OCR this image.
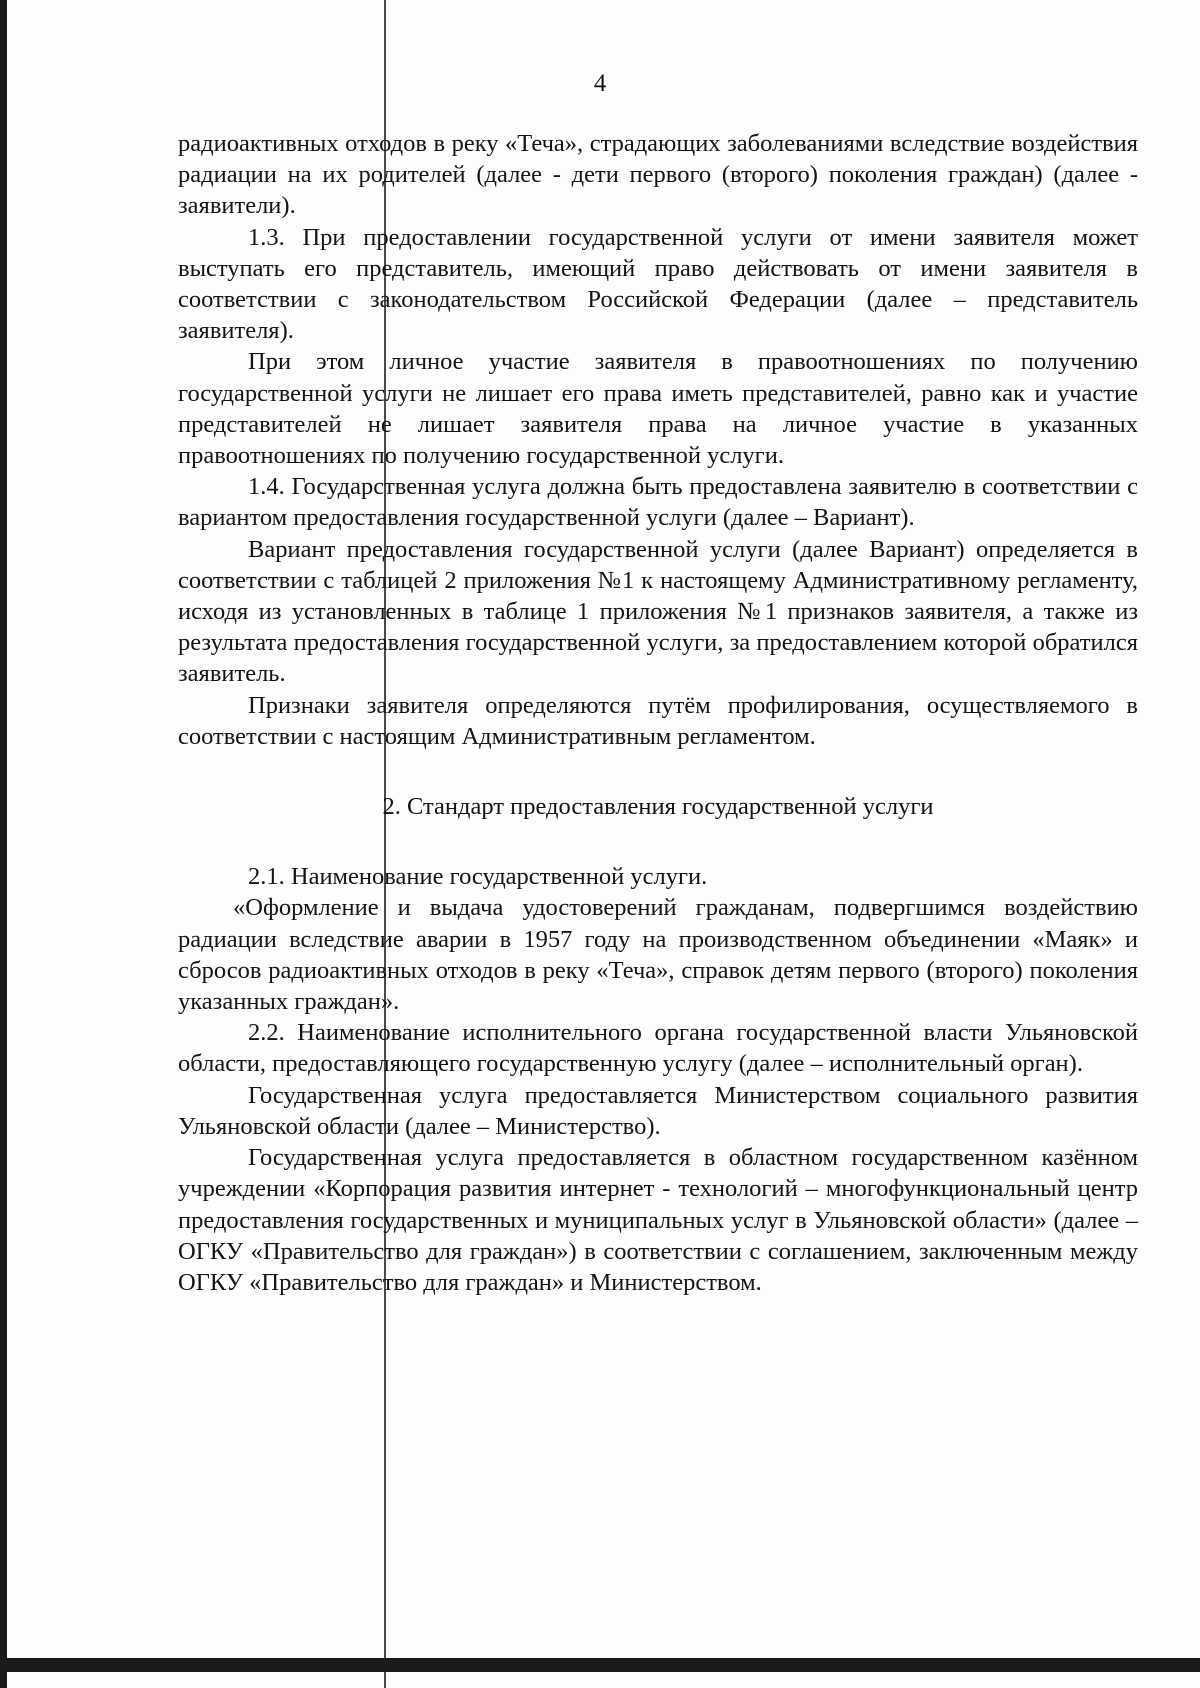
4

радиоактивных отходов в реку «Теча», страдающих заболеваниями вследствие воздействия радиации на их родителей (далее - дети первого (второго) поколения граждан) (далее - заявители).

1.3. При предоставлении государственной услуги от имени заявителя может выступать его представитель, имеющий право действовать от имени заявителя в соответствии с законодательством Российской Федерации (далее – представитель заявителя).

При этом личное участие заявителя в правоотношениях по получению государственной услуги не лишает его права иметь представителей, равно как и участие представителей не лишает заявителя права на личное участие в указанных правоотношениях по получению государственной услуги.

1.4. Государственная услуга должна быть предоставлена заявителю в соответствии с вариантом предоставления государственной услуги (далее – Вариант).

Вариант предоставления государственной услуги (далее Вариант) определяется в соответствии с таблицей 2 приложения №1 к настоящему Административному регламенту, исходя из установленных в таблице 1 приложения №1 признаков заявителя, а также из результата предоставления государственной услуги, за предоставлением которой обратился заявитель.

Признаки заявителя определяются путём профилирования, осуществляемого в соответствии с настоящим Административным регламентом.

2. Стандарт предоставления государственной услуги

2.1. Наименование государственной услуги.

«Оформление и выдача удостоверений гражданам, подвергшимся воздействию радиации вследствие аварии в 1957 году на производственном объединении «Маяк» и сбросов радиоактивных отходов в реку «Теча», справок детям первого (второго) поколения указанных граждан».

2.2. Наименование исполнительного органа государственной власти Ульяновской области, предоставляющего государственную услугу (далее – исполнительный орган).

Государственная услуга предоставляется Министерством социального развития Ульяновской области (далее – Министерство).

Государственная услуга предоставляется в областном государственном казённом учреждении «Корпорация развития интернет - технологий – многофункциональный центр предоставления государственных и муниципальных услуг в Ульяновской области» (далее – ОГКУ «Правительство для граждан») в соответствии с соглашением, заключенным между ОГКУ «Правительство для граждан» и Министерством.
